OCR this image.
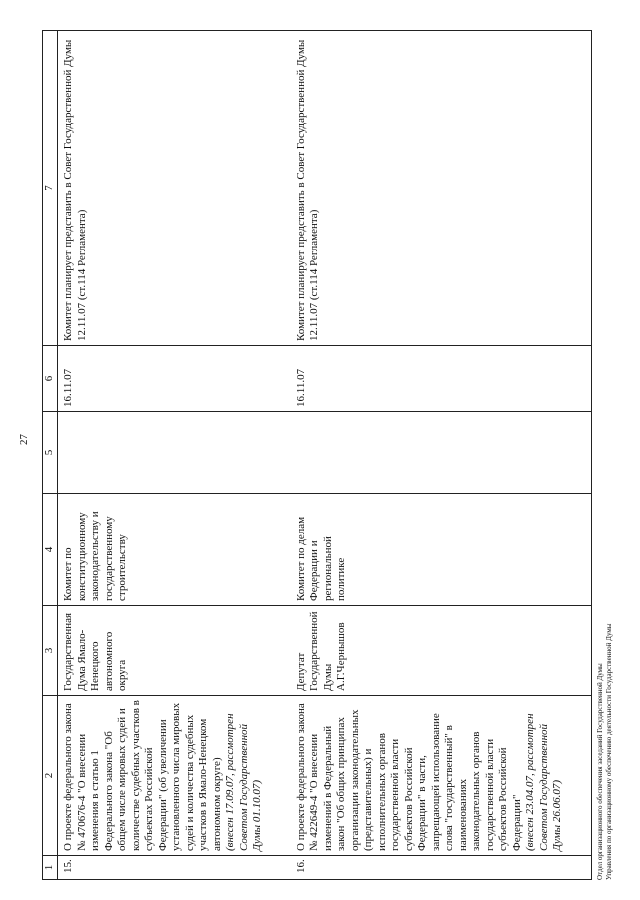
27
1	2	3	4	5	6	7
15.	О проекте федерального закона № 470676-4 "О внесении изменения в статью 1 Федерального закона "Об общем числе мировых судей и количестве судебных участков в субъектах Российской Федерации" (об увеличении установленного числа мировых судей и количества судебных участков в Ямало-Ненецком автономном округе) (внесен 17.09.07, рассмотрен Советом Государственной Думы 01.10.07)	Государственная Дума Ямало-Ненецкого автономного округа	Комитет по конституционному законодательству и государственному строительству		16.11.07	Комитет планирует представить в Совет Государственной Думы 12.11.07 (ст.114 Регламента)
16.	О проекте федерального закона № 422649-4 "О внесении изменений в Федеральный закон "Об общих принципах организации законодательных (представительных) и исполнительных органов государственной власти субъектов Российской Федерации" в части, запрещающей использование слова "государственный" в наименованиях законодательных органов государственной власти субъектов Российской Федерации" (внесен 23.04.07, рассмотрен Советом Государственной Думы 26.06.07)	Депутат Государственной Думы А.Г.Чернышов	Комитет по делам Федерации и региональной политике		16.11.07	Комитет планирует представить в Совет Государственной Думы 12.11.07 (ст.114 Регламента)
Отдел организационного обеспечения заседаний Государственной Думы Управления по организационному обеспечению деятельности Государственной Думы
